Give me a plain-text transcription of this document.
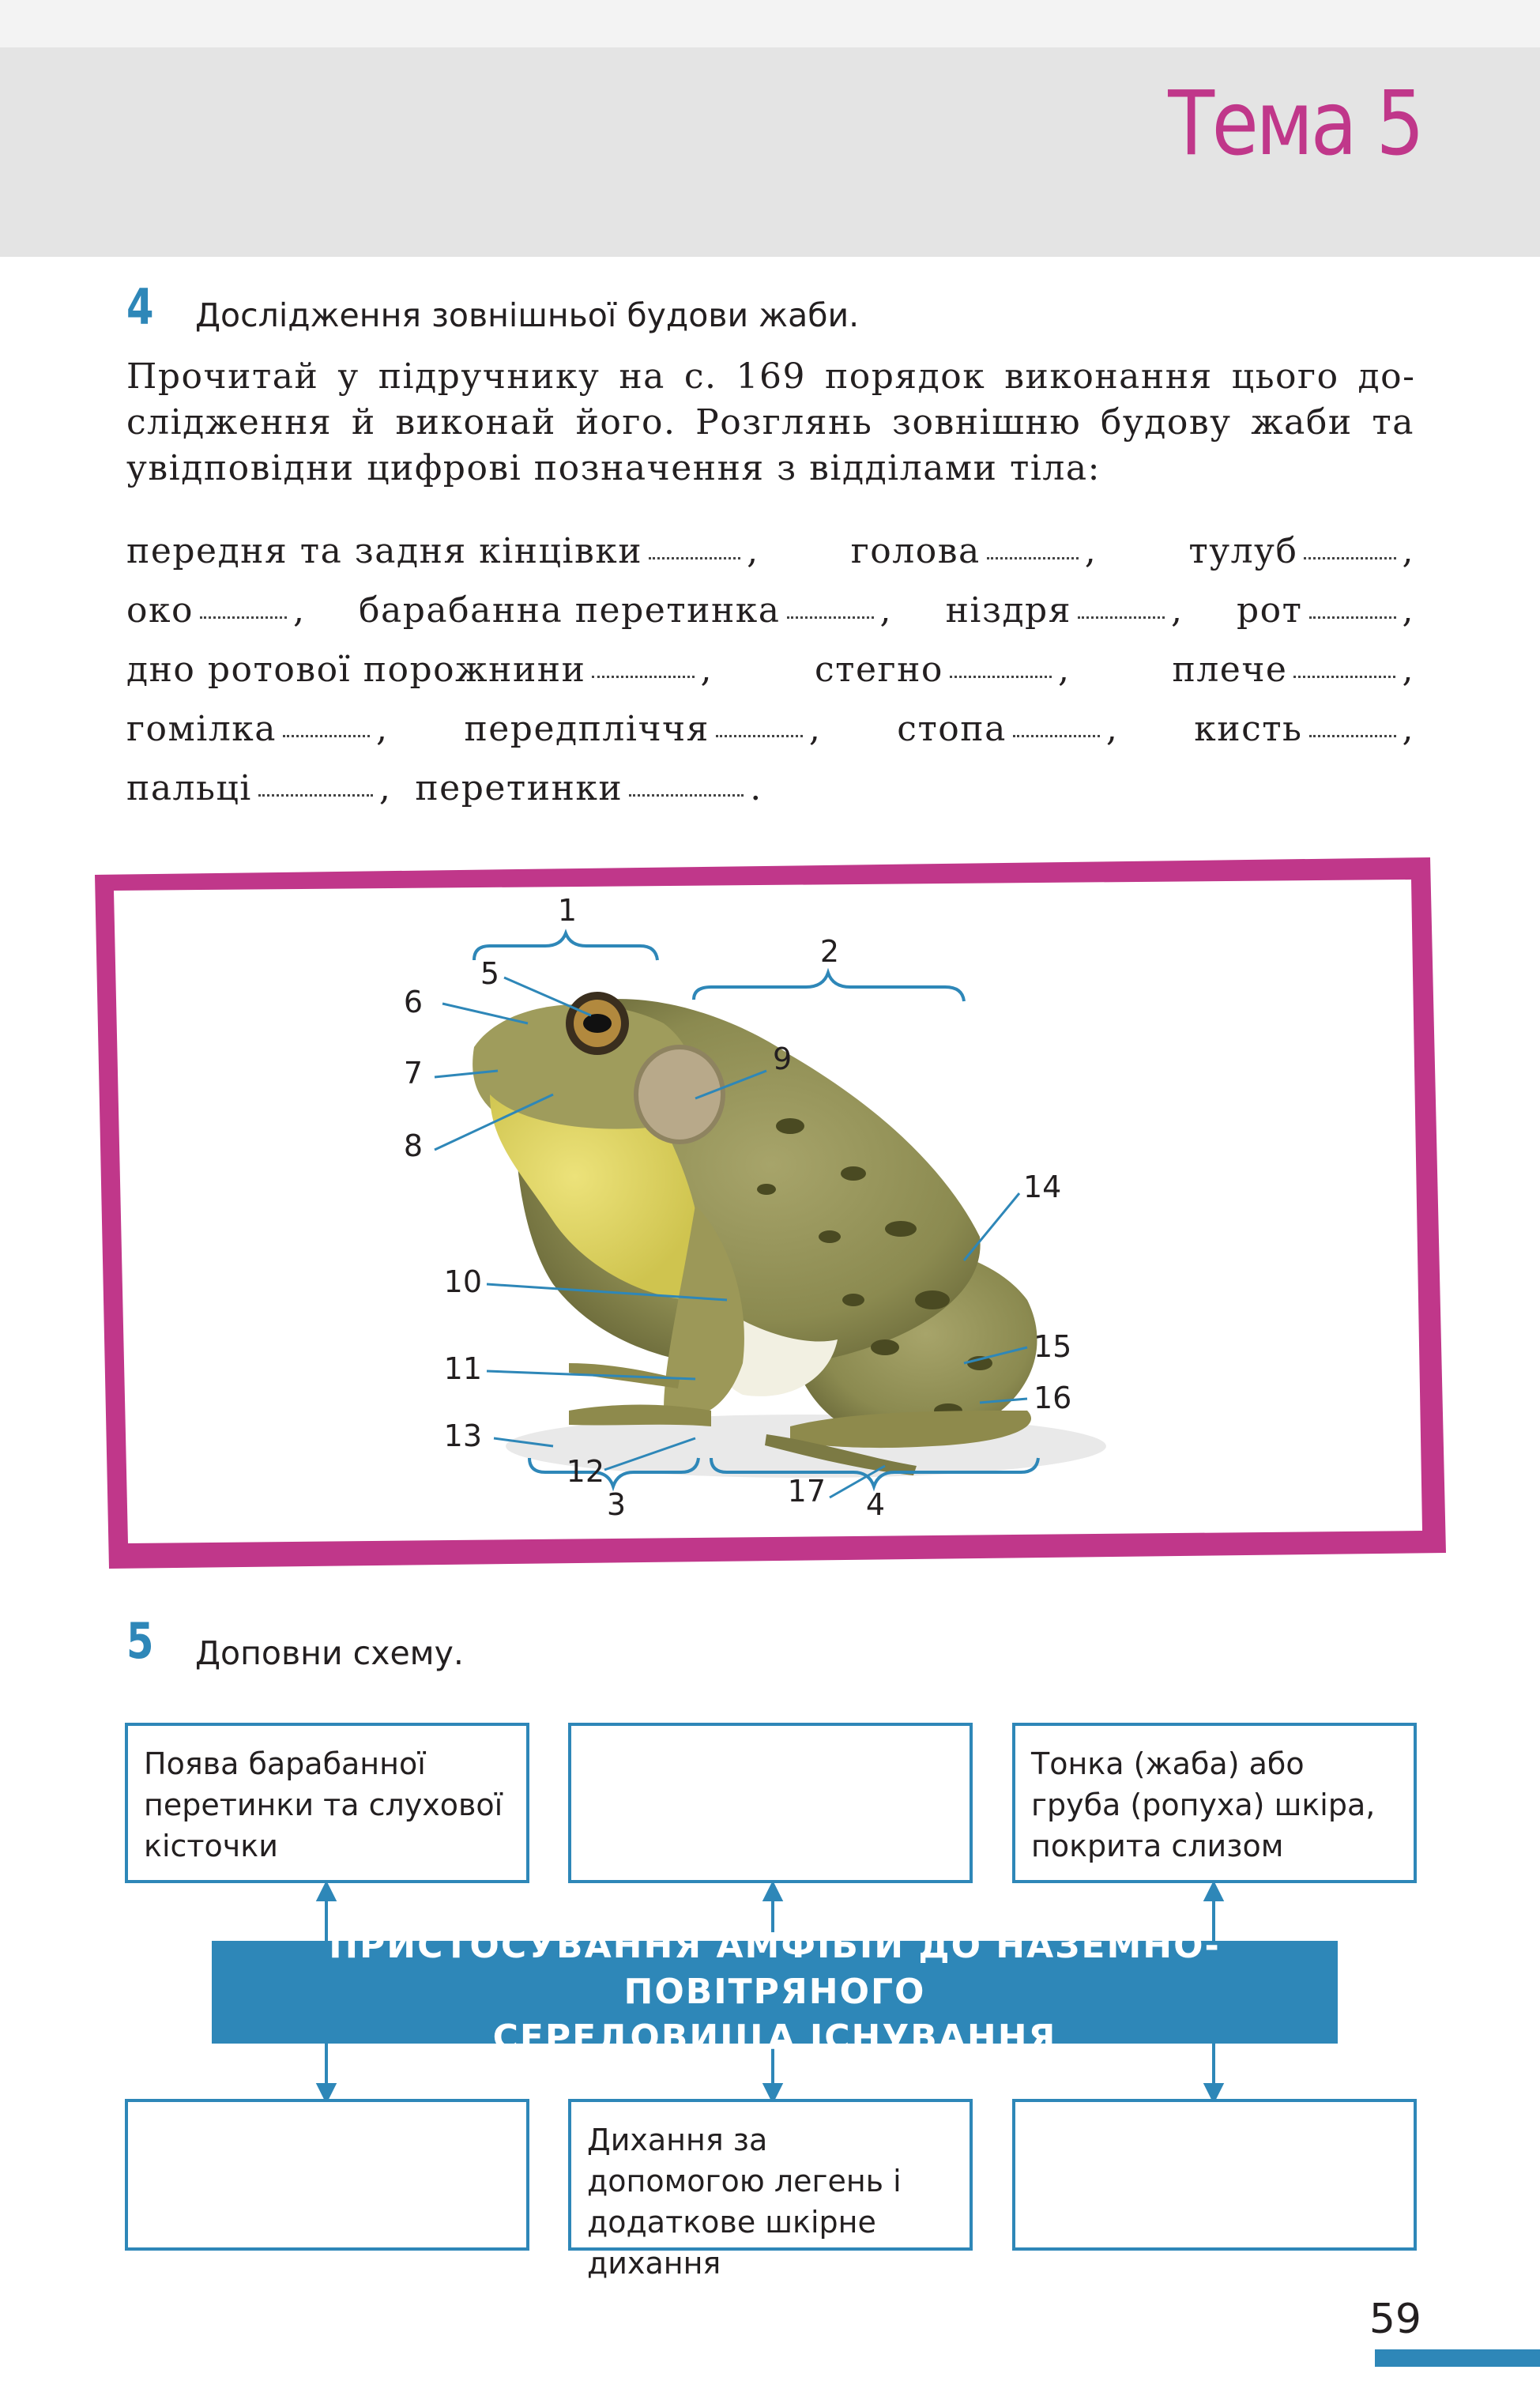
Тема 5
4 Дослідження зовнішньої будови жаби.
Прочитай у підручнику на с. 169 порядок виконання цього дослідження й виконай його. Розглянь зовнішню будову жаби та увідповідни цифрові позначення з відділами тіла:
передня та задня кінцівки	,	голова	,	тулуб	,
око	, барабанна перетинка	, ніздря	, рот	,
дно ротової порожнини	,	стегно	,	плече	,
гомілка	, передпліччя	, стопа	, кисть	,
пальці	, перетинки	.
1
2
3	4
5
6
7
8
9
10
11
12
13
14
15
16
17
5 Доповни схему.
Поява барабанної перетинки та слухової кісточки
Тонка (жаба) або груба (ропуха) шкіра, покрита слизом
ПРИСТОСУВАННЯ АМФІБІЙ ДО НАЗЕМНО-ПОВІТРЯНОГО
СЕРЕДОВИЩА ІСНУВАННЯ
Дихання за допомогою легень і додаткове шкірне дихання
59
